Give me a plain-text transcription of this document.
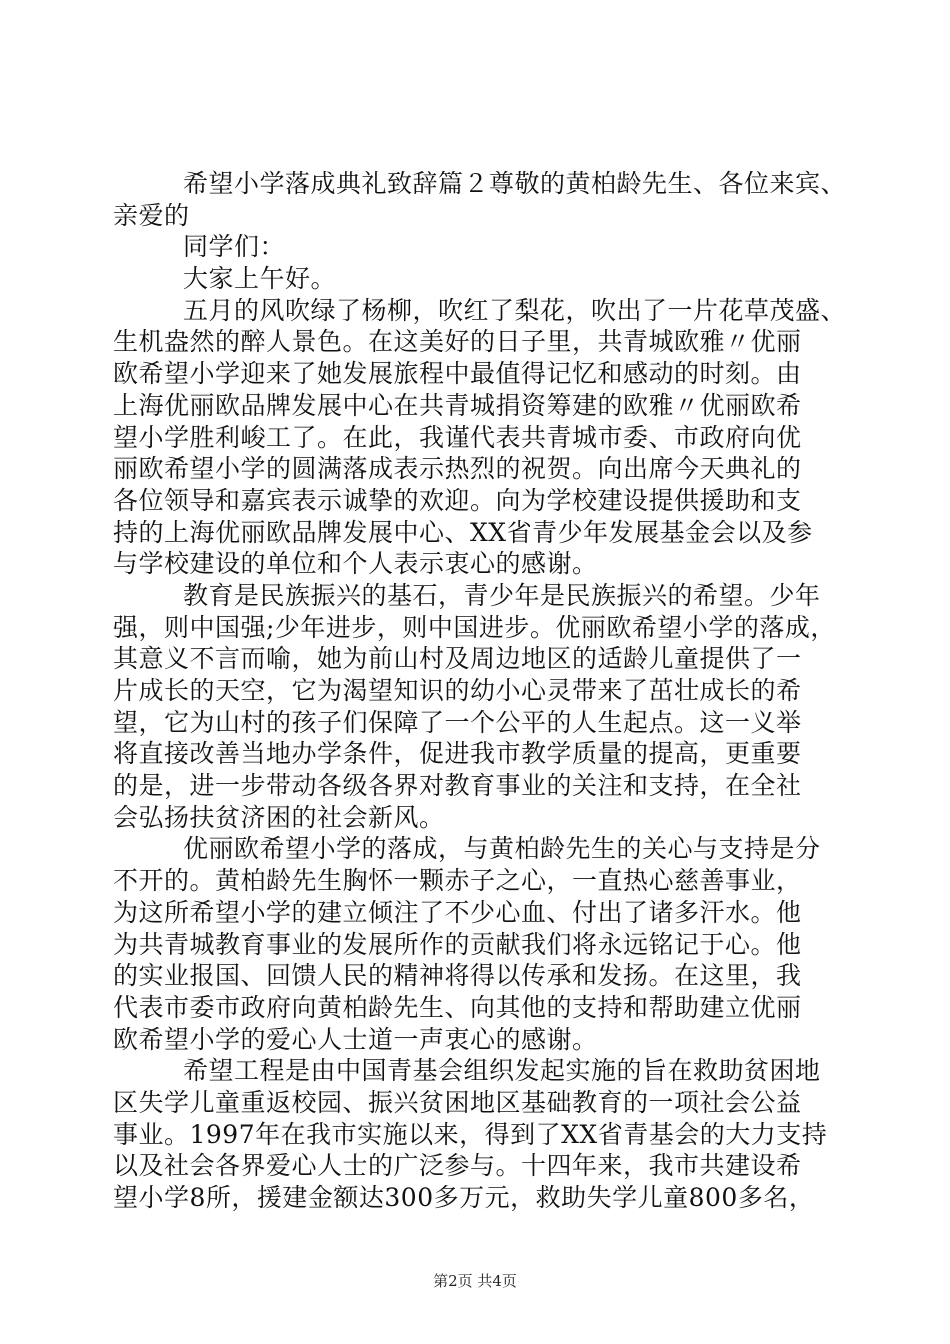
希望小学落成典礼致辞篇２尊敬的黄柏龄先生、各位来宾、
亲爱的
同学们：
大家上午好。
五月的风吹绿了杨柳，吹红了梨花，吹出了一片花草茂盛、
生机盎然的醉人景色。在这美好的日子里，共青城欧雅〃优丽
欧希望小学迎来了她发展旅程中最值得记忆和感动的时刻。由
上海优丽欧品牌发展中心在共青城捐资筹建的欧雅〃优丽欧希
望小学胜利峻工了。在此，我谨代表共青城市委、市政府向优
丽欧希望小学的圆满落成表示热烈的祝贺。向出席今天典礼的
各位领导和嘉宾表示诚挚的欢迎。向为学校建设提供援助和支
持的上海优丽欧品牌发展中心、XX省青少年发展基金会以及参
与学校建设的单位和个人表示衷心的感谢。
教育是民族振兴的基石，青少年是民族振兴的希望。少年
强，则中国强;少年进步，则中国进步。优丽欧希望小学的落成，
其意义不言而喻，她为前山村及周边地区的适龄儿童提供了一
片成长的天空，它为渴望知识的幼小心灵带来了茁壮成长的希
望，它为山村的孩子们保障了一个公平的人生起点。这一义举
将直接改善当地办学条件，促进我市教学质量的提高，更重要
的是，进一步带动各级各界对教育事业的关注和支持，在全社
会弘扬扶贫济困的社会新风。
优丽欧希望小学的落成，与黄柏龄先生的关心与支持是分
不开的。黄柏龄先生胸怀一颗赤子之心，一直热心慈善事业，
为这所希望小学的建立倾注了不少心血、付出了诸多汗水。他
为共青城教育事业的发展所作的贡献我们将永远铭记于心。他
的实业报国、回馈人民的精神将得以传承和发扬。在这里，我
代表市委市政府向黄柏龄先生、向其他的支持和帮助建立优丽
欧希望小学的爱心人士道一声衷心的感谢。
希望工程是由中国青基会组织发起实施的旨在救助贫困地
区失学儿童重返校园、振兴贫困地区基础教育的一项社会公益
事业。1997年在我市实施以来，得到了XX省青基会的大力支持
以及社会各界爱心人士的广泛参与。十四年来，我市共建设希
望小学8所，援建金额达300多万元，救助失学儿童800多名，
第2页 共4页
